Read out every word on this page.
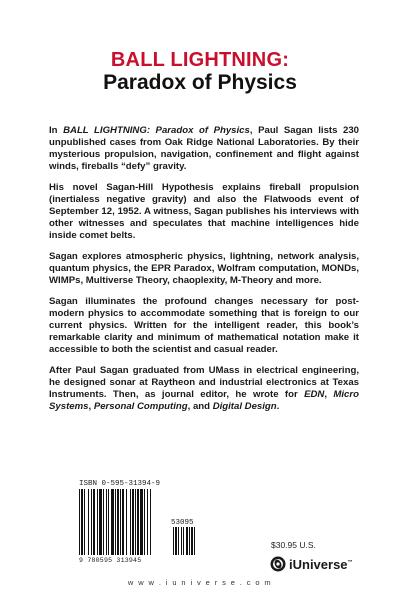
BALL LIGHTNING:
Paradox of Physics

In BALL LIGHTNING: Paradox of Physics, Paul Sagan lists 230 unpublished cases from Oak Ridge National Laboratories. By their mysterious propulsion, navigation, confinement and flight against winds, fireballs “defy” gravity.

His novel Sagan-Hill Hypothesis explains fireball propulsion (inertialess negative gravity) and also the Flatwoods event of September 12, 1952. A witness, Sagan publishes his interviews with other witnesses and speculates that machine intelligences hide inside comet belts.

Sagan explores atmospheric physics, lightning, network analysis, quantum physics, the EPR Paradox, Wolfram computation, MONDs, WIMPs, Multiverse Theory, chaoplexity, M-Theory and more.

Sagan illuminates the profound changes necessary for post-modern physics to accommodate something that is foreign to our current physics. Written for the intelligent reader, this book’s remarkable clarity and minimum of mathematical notation make it accessible to both the scientist and casual reader.

After Paul Sagan graduated from UMass in electrical engineering, he designed sonar at Raytheon and industrial electronics at Texas Instruments. Then, as journal editor, he wrote for EDN, Micro Systems, Personal Computing, and Digital Design.

ISBN 0-595-31394-9
53095
9 780595 313945
$30.95 U.S.
iUniverse™
w w w . i u n i v e r s e . c o m
